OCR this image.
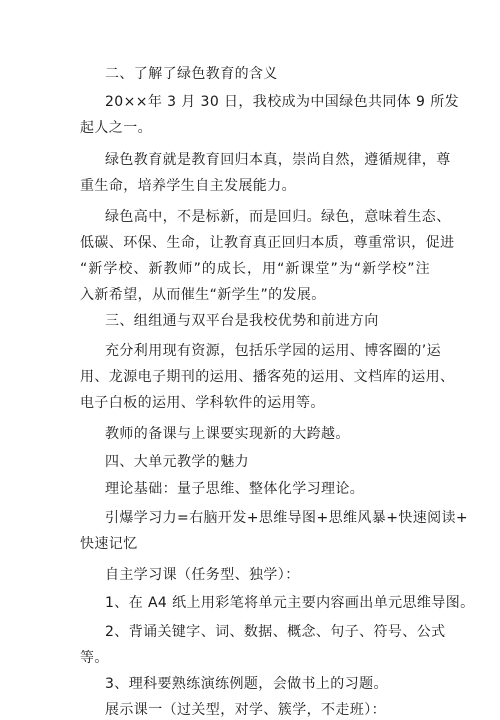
二、了解了绿色教育的含义
20××年 3 月 30 日，我校成为中国绿色共同体 9 所发
起人之一。
绿色教育就是教育回归本真，崇尚自然，遵循规律，尊
重生命，培养学生自主发展能力。
绿色高中，不是标新，而是回归。绿色，意味着生态、
低碳、环保、生命，让教育真正回归本质，尊重常识，促进
“新学校、新教师”的成长，用“新课堂”为“新学校”注
入新希望，从而催生“新学生”的发展。
三、组组通与双平台是我校优势和前进方向
充分利用现有资源，包括乐学园的运用、博客圈的’运
用、龙源电子期刊的运用、播客苑的运用、文档库的运用、
电子白板的运用、学科软件的运用等。
教师的备课与上课要实现新的大跨越。
四、大单元教学的魅力
理论基础：量子思维、整体化学习理论。
引爆学习力=右脑开发+思维导图+思维风暴+快速阅读+
快速记忆
自主学习课（任务型、独学）：
1、在 A4 纸上用彩笔将单元主要内容画出单元思维导图。
2、背诵关键字、词、数据、概念、句子、符号、公式
等。
3、理科要熟练演练例题，会做书上的习题。
展示课一（过关型，对学、簇学，不走班）：
